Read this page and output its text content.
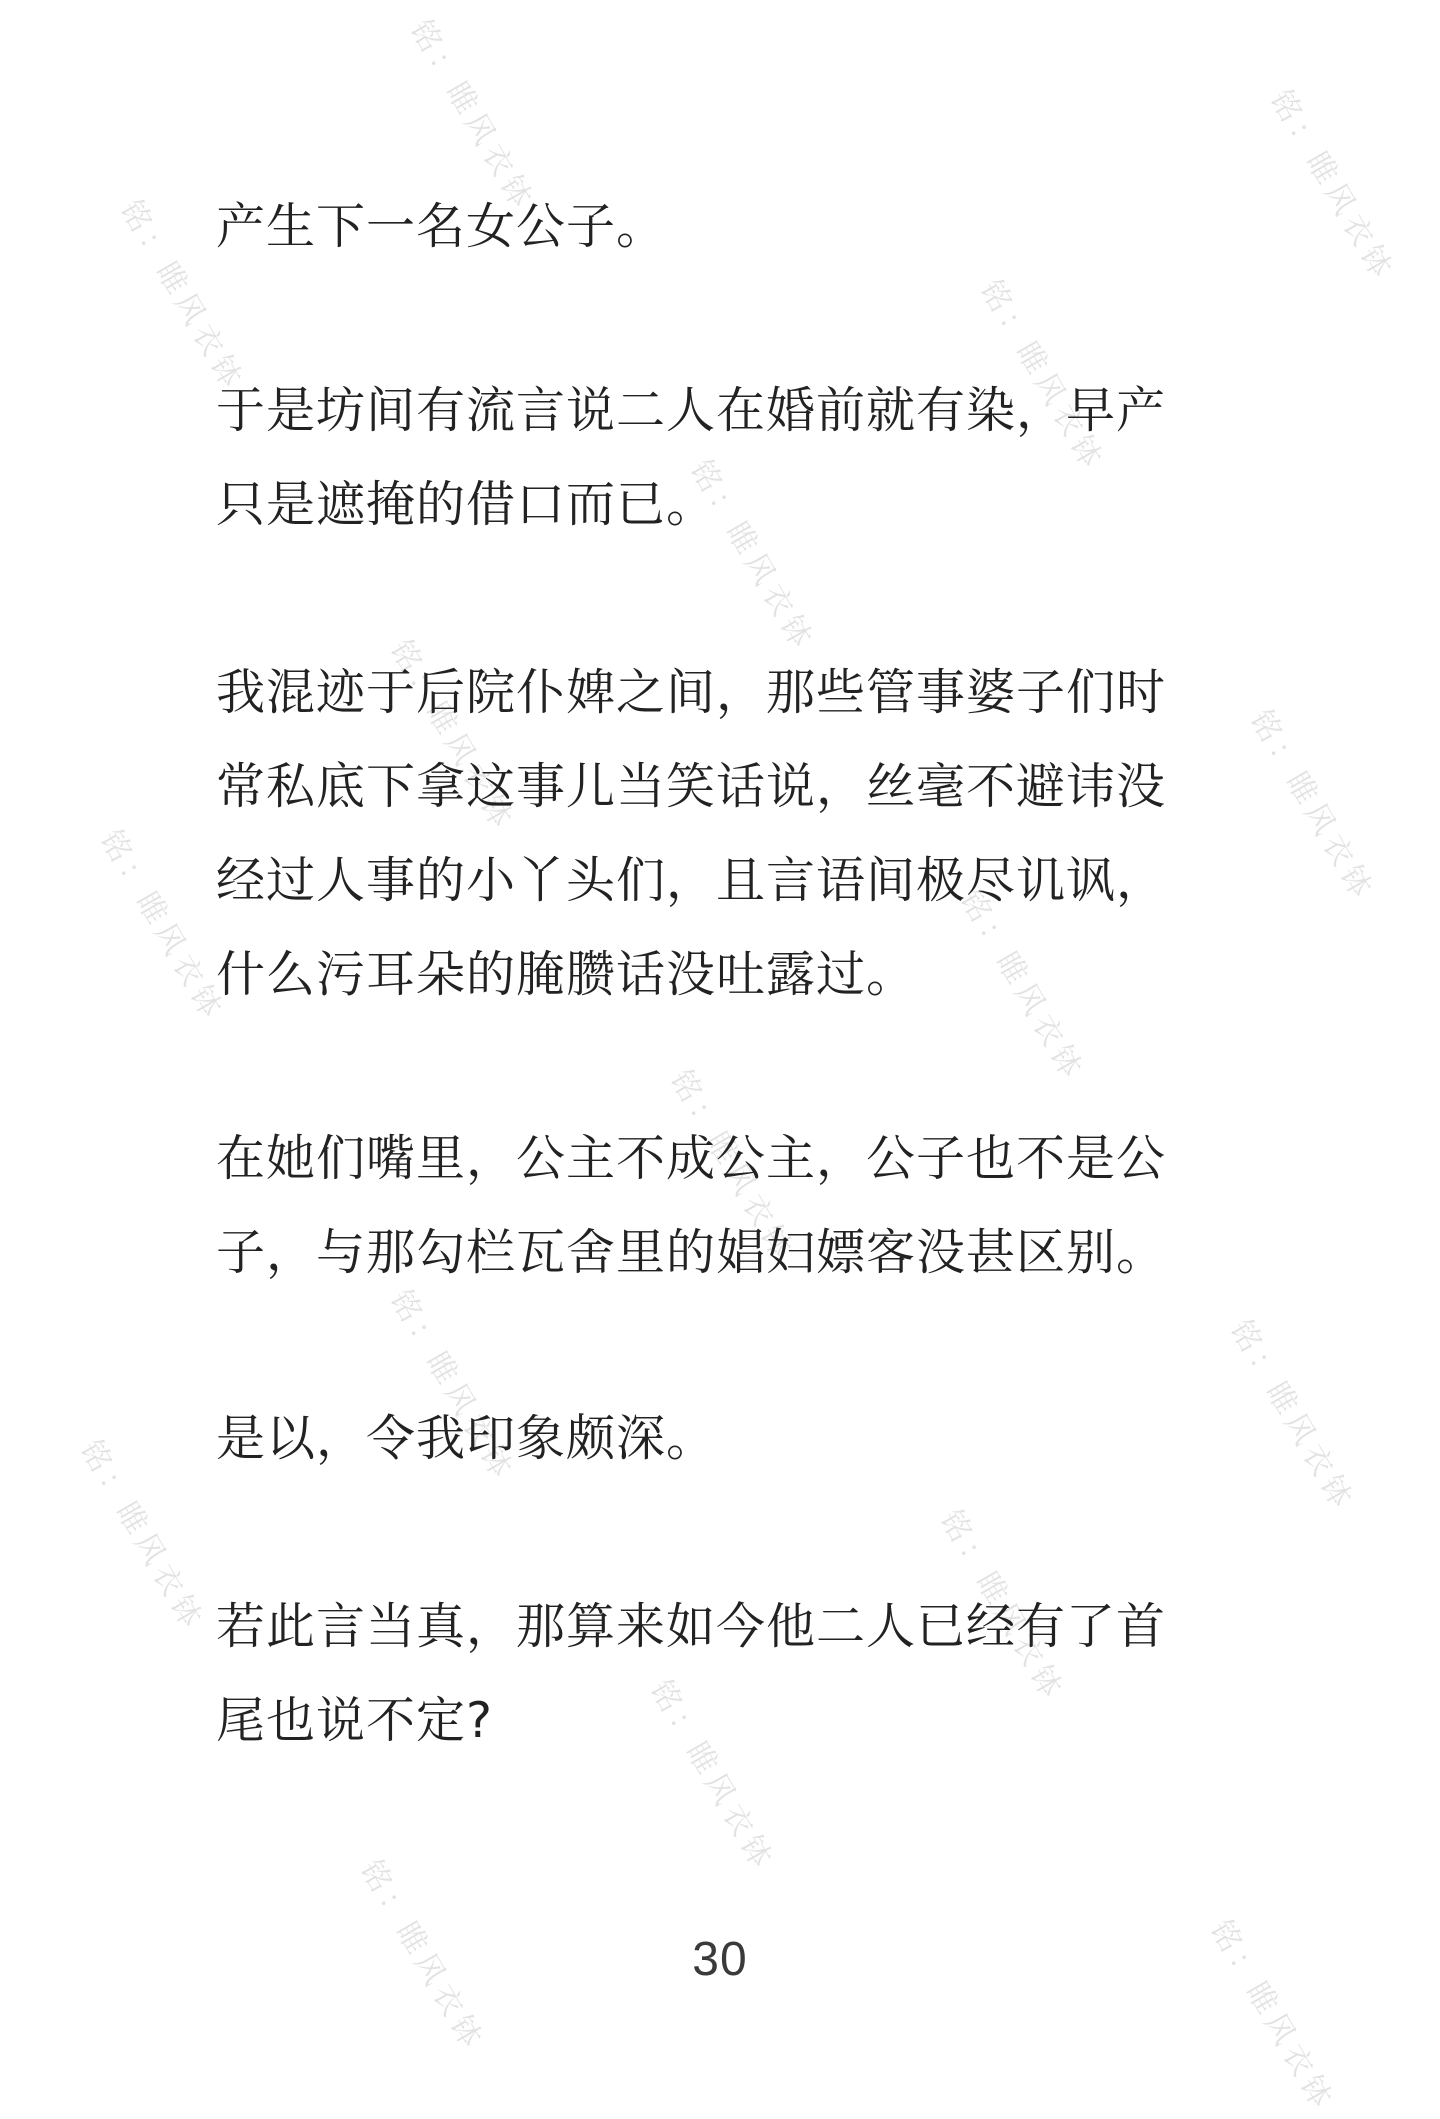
铭：睢风衣钵	铭：睢风衣钵
铭：睢风衣钵	铭：睢风衣钵
铭：睢风衣钵
铭：睢风衣钵	铭：睢风衣钵
铭：睢风衣钵	铭：睢风衣钵
铭：睢风衣钵
铭：睢风衣钵	铭：睢风衣钵
铭：睢风衣钵	铭：睢风衣钵
铭：睢风衣钵
铭：睢风衣钵	铭：睢风衣钵
产生下一名女公子。
于是坊间有流言说二人在婚前就有染，早产
只是遮掩的借口而已。
我混迹于后院仆婢之间，那些管事婆子们时
常私底下拿这事儿当笑话说，丝毫不避讳没
经过人事的小丫头们，且言语间极尽讥讽，
什么污耳朵的腌臜话没吐露过。
在她们嘴里，公主不成公主，公子也不是公
子，与那勾栏瓦舍里的娼妇嫖客没甚区别。
是以，令我印象颇深。
若此言当真，那算来如今他二人已经有了首
尾也说不定?
30
